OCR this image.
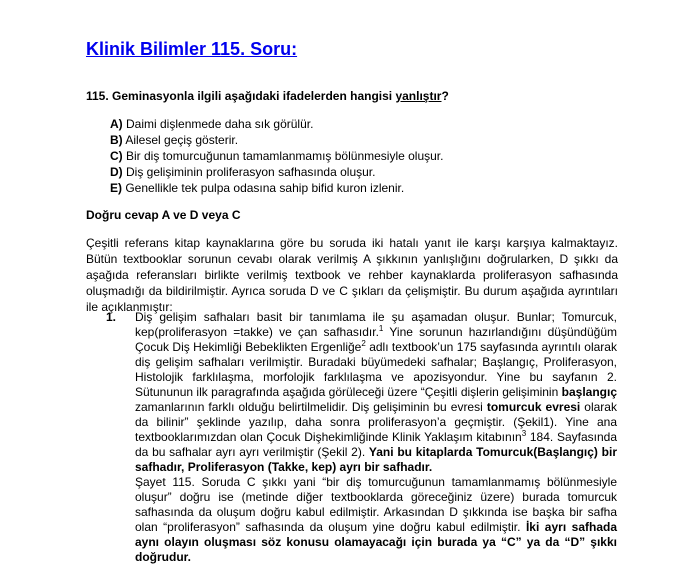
Klinik Bilimler 115. Soru:
115. Geminasyonla ilgili aşağıdaki ifadelerden hangisi yanlıştır?
A) Daimi dişlenmede daha sık görülür.
B) Ailesel geçiş gösterir.
C) Bir diş tomurcuğunun tamamlanmamış bölünmesiyle oluşur.
D) Diş gelişiminin proliferasyon safhasında oluşur.
E) Genellikle tek pulpa odasına sahip bifid kuron izlenir.
Doğru cevap A ve D veya C
Çeşitli referans kitap kaynaklarına göre bu soruda iki hatalı yanıt ile karşı karşıya kalmaktayız. Bütün textbooklar sorunun cevabı olarak verilmiş A şıkkının yanlışlığını doğrularken, D şıkkı da aşağıda referansları birlikte verilmiş textbook ve rehber kaynaklarda proliferasyon safhasında oluşmadığı da bildirilmiştir. Ayrıca soruda D ve C şıkları da çelişmiştir. Bu durum aşağıda ayrıntıları ile açıklanmıştır:
1. Diş gelişim safhaları basit bir tanımlama ile şu aşamadan oluşur. Bunlar; Tomurcuk, kep(proliferasyon =takke) ve çan safhasıdır.$^1$ Yine sorunun hazırlandığını düşündüğüm Çocuk Diş Hekimliği Bebeklikten Ergenliğe$^2$ adlı textbook’un 175 sayfasında ayrıntılı olarak diş gelişim safhaları verilmiştir. Buradaki büyümedeki safhalar; Başlangıç, Proliferasyon, Histolojik farklılaşma, morfolojik farklılaşma ve apozisyondur. Yine bu sayfanın 2. Sütununun ilk paragrafında aşağıda görüleceği üzere “Çeşitli dişlerin gelişiminin başlangıç zamanlarının farklı olduğu belirtilmelidir. Diş gelişiminin bu evresi tomurcuk evresi olarak da bilinir” şeklinde yazılıp, daha sonra proliferasyon’a geçmiştir. (Şekil1). Yine ana textbooklarımızdan olan Çocuk Dişhekimliğinde Klinik Yaklaşım kitabının$^3$ 184. Sayfasında da bu safhalar ayrı ayrı verilmiştir (Şekil 2). Yani bu kitaplarda Tomurcuk(Başlangıç) bir safhadır, Proliferasyon (Takke, kep) ayrı bir safhadır.
Şayet 115. Soruda C şıkkı yani “bir diş tomurcuğunun tamamlanmamış bölünmesiyle oluşur” doğru ise (metinde diğer textbooklarda göreceğiniz üzere) burada tomurcuk safhasında da oluşum doğru kabul edilmiştir. Arkasından D şıkkında ise başka bir safha olan “proliferasyon” safhasında da oluşum yine doğru kabul edilmiştir. İki ayrı safhada aynı olayın oluşması söz konusu olamayacağı için burada ya “C” ya da “D” şıkkı doğrudur.
